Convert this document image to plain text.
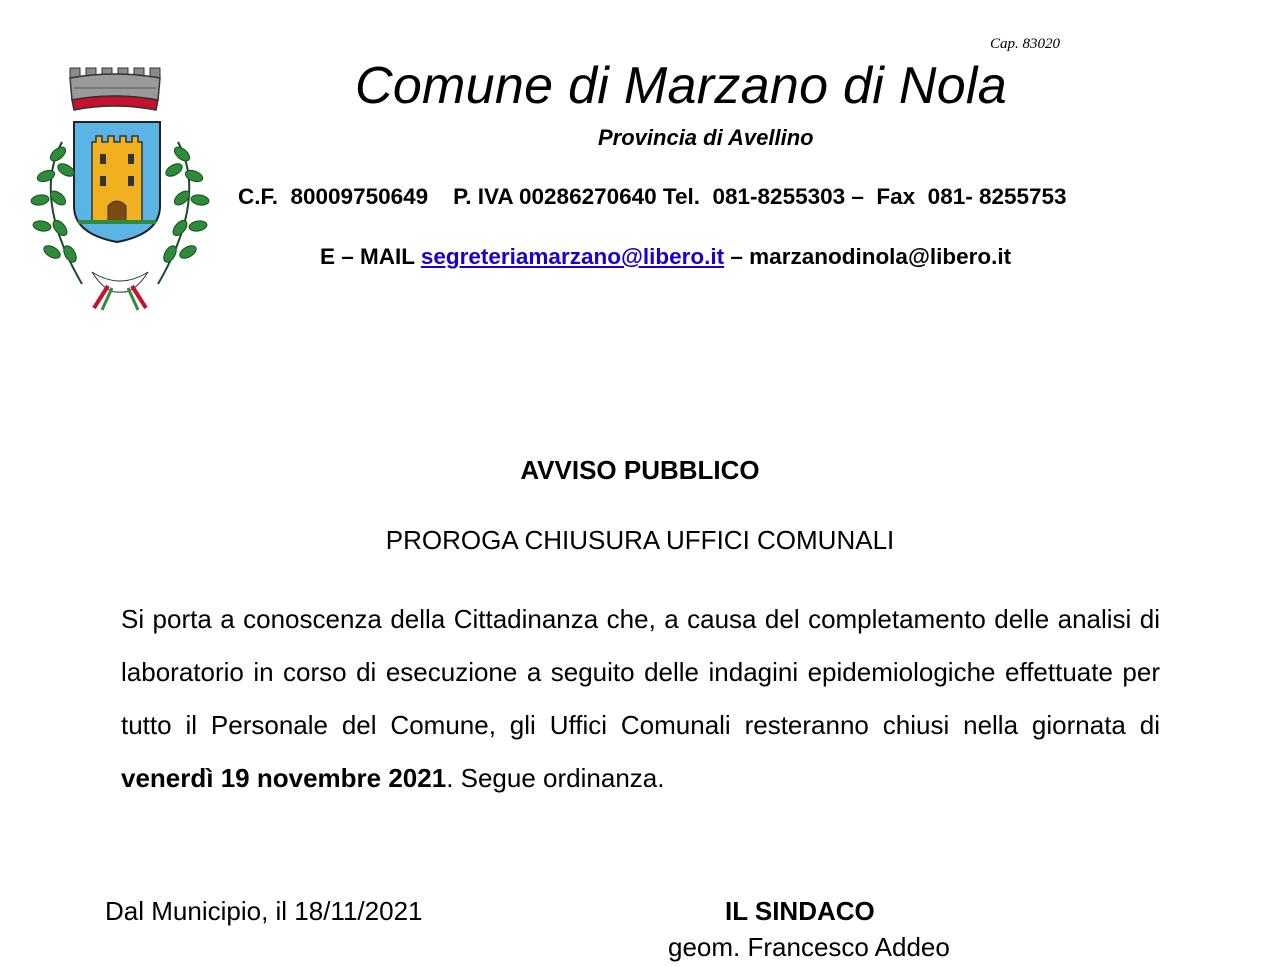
Cap. 83020
Comune di Marzano di Nola
Provincia di Avellino
C.F.  80009750649    P. IVA 00286270640 Tel.  081-8255303 –  Fax  081- 8255753
E – MAIL segreteriamarzano@libero.it – marzanodinola@libero.it
AVVISO PUBBLICO
PROROGA CHIUSURA UFFICI COMUNALI
Si porta a conoscenza della Cittadinanza che, a causa del completamento delle analisi di laboratorio in corso di esecuzione a seguito delle indagini epidemiologiche effettuate per tutto il Personale del Comune, gli Uffici Comunali resteranno chiusi nella giornata di venerdì 19 novembre 2021. Segue ordinanza.
Dal Municipio, il 18/11/2021	IL SINDACO
geom. Francesco Addeo
